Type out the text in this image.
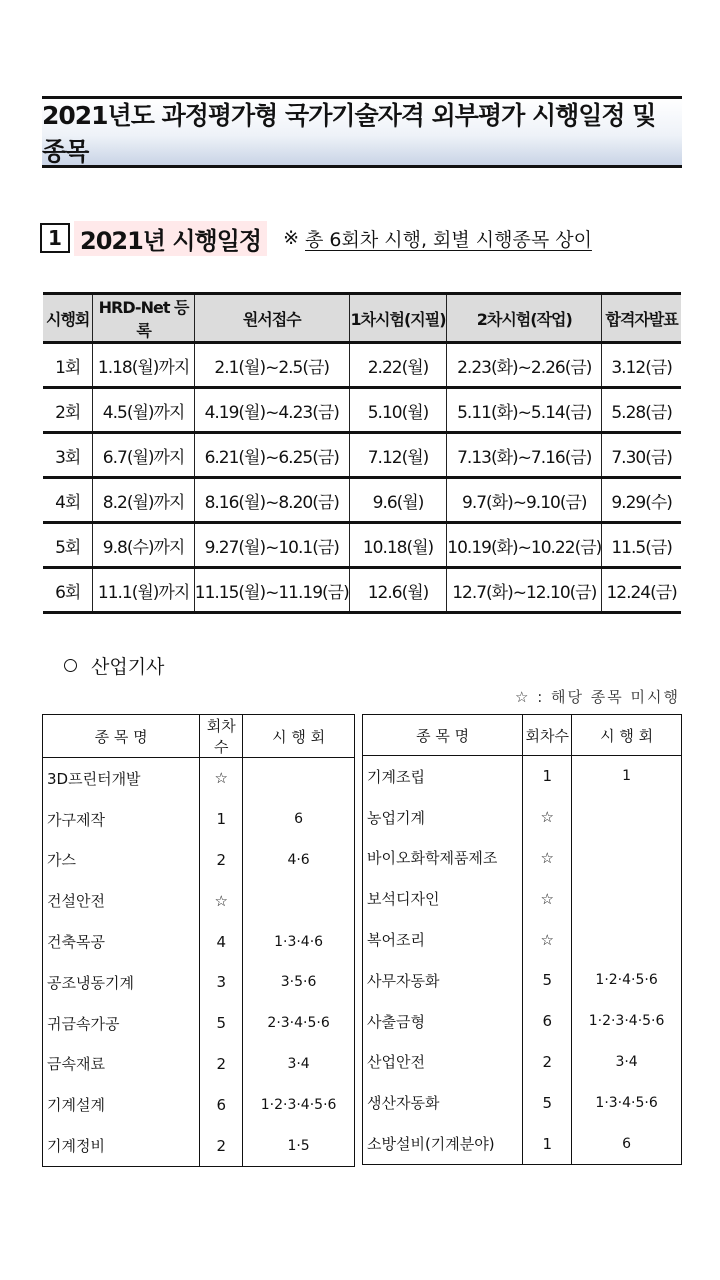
2021년도 과정평가형 국가기술자격 외부평가 시행일정 및 종목
1 2021년 시행일정	※ 총 6회차 시행, 회별 시행종목 상이
시행회	HRD-Net 등록	원서접수	1차시험(지필)	2차시험(작업)	합격자발표
1회	1.18(월)까지	2.1(월)~2.5(금)	2.22(월)	2.23(화)~2.26(금)	3.12(금)
2회	4.5(월)까지	4.19(월)~4.23(금)	5.10(월)	5.11(화)~5.14(금)	5.28(금)
3회	6.7(월)까지	6.21(월)~6.25(금)	7.12(월)	7.13(화)~7.16(금)	7.30(금)
4회	8.2(월)까지	8.16(월)~8.20(금)	9.6(월)	9.7(화)~9.10(금)	9.29(수)
5회	9.8(수)까지	9.27(월)~10.1(금)	10.18(월)	10.19(화)~10.22(금)	11.5(금)
6회	11.1(월)까지	11.15(월)~11.19(금)	12.6(월)	12.7(화)~12.10(금)	12.24(금)
산업기사
☆ : 해당 종목 미시행
종 목 명	회차수	시 행 회
3D프린터개발	☆	
가구제작	1	6
가스	2	4·6
건설안전	☆	
건축목공	4	1·3·4·6
공조냉동기계	3	3·5·6
귀금속가공	5	2·3·4·5·6
금속재료	2	3·4
기계설계	6	1·2·3·4·5·6
기계정비	2	1·5
종 목 명	회차수	시 행 회
기계조립	1	1
농업기계	☆	
바이오화학제품제조	☆	
보석디자인	☆	
복어조리	☆	
사무자동화	5	1·2·4·5·6
사출금형	6	1·2·3·4·5·6
산업안전	2	3·4
생산자동화	5	1·3·4·5·6
소방설비(기계분야)	1	6
